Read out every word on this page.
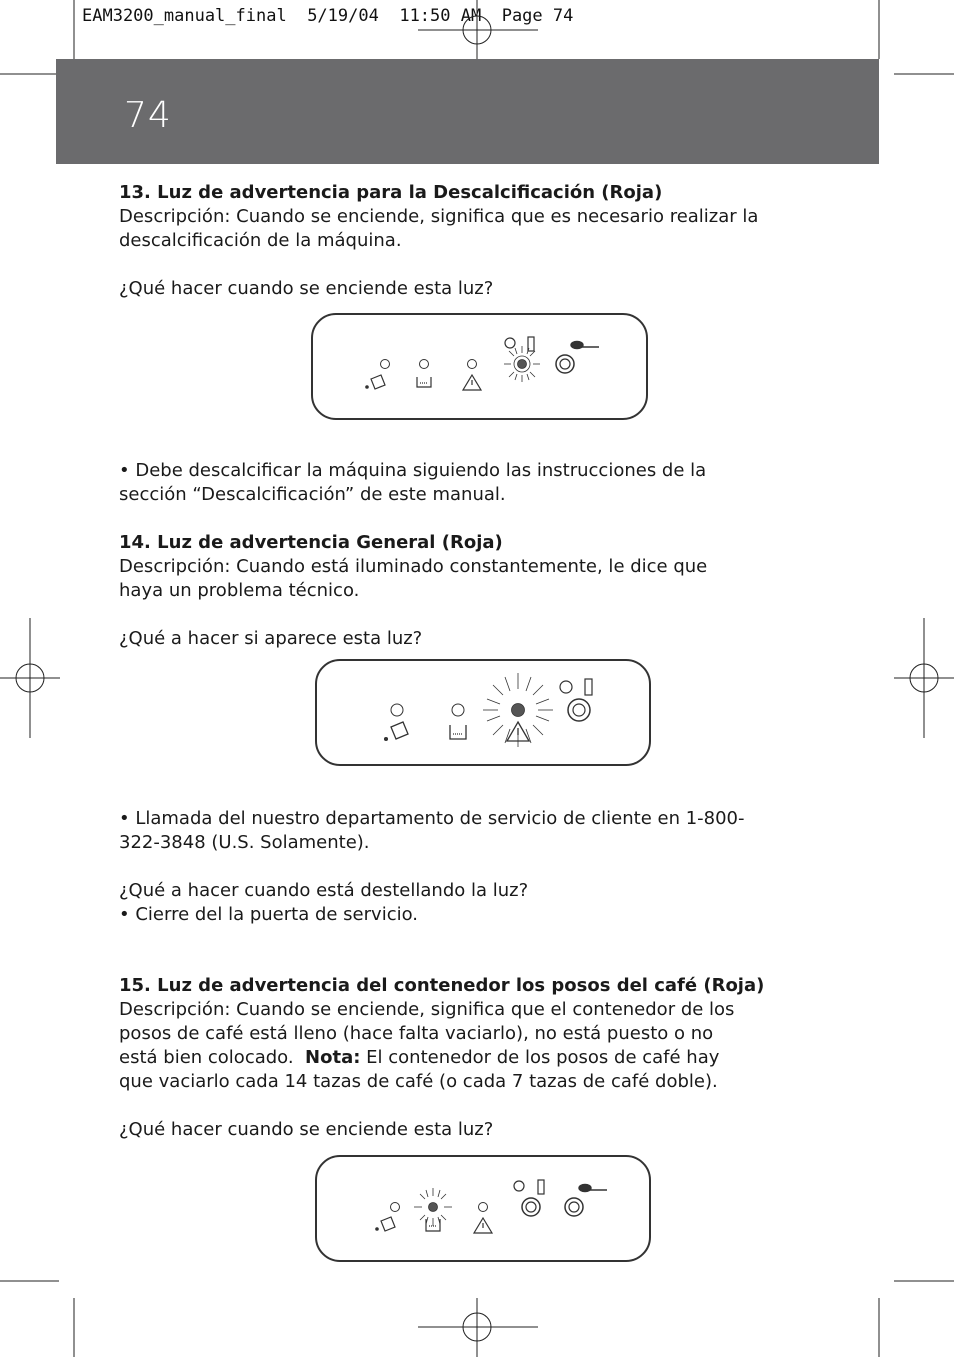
EAM3200_manual_final 5/19/04 11:50 AM Page 74
74

13. Luz de advertencia para la Descalcificación (Roja)

Descripción: Cuando se enciende, significa que es necesario realizar la

descalcificación de la máquina.

¿Qué hacer cuando se enciende esta luz?

• Debe descalcificar la máquina siguiendo las instrucciones de la

sección “Descalcificación” de este manual.

14. Luz de advertencia General (Roja)

Descripción: Cuando está iluminado constantemente, le dice que

haya un problema técnico.

¿Qué a hacer si aparece esta luz?

• Llamada del nuestro departamento de servicio de cliente en 1-800-

322-3848 (U.S. Solamente).

¿Qué a hacer cuando está destellando la luz?

• Cierre del la puerta de servicio.

15. Luz de advertencia del contenedor los posos del café (Roja)

Descripción: Cuando se enciende, significa que el contenedor de los

posos de café está lleno (hace falta vaciarlo), no está puesto o no

está bien colocado. Nota: El contenedor de los posos de café hay

que vaciarlo cada 14 tazas de café (o cada 7 tazas de café doble).

¿Qué hacer cuando se enciende esta luz?
